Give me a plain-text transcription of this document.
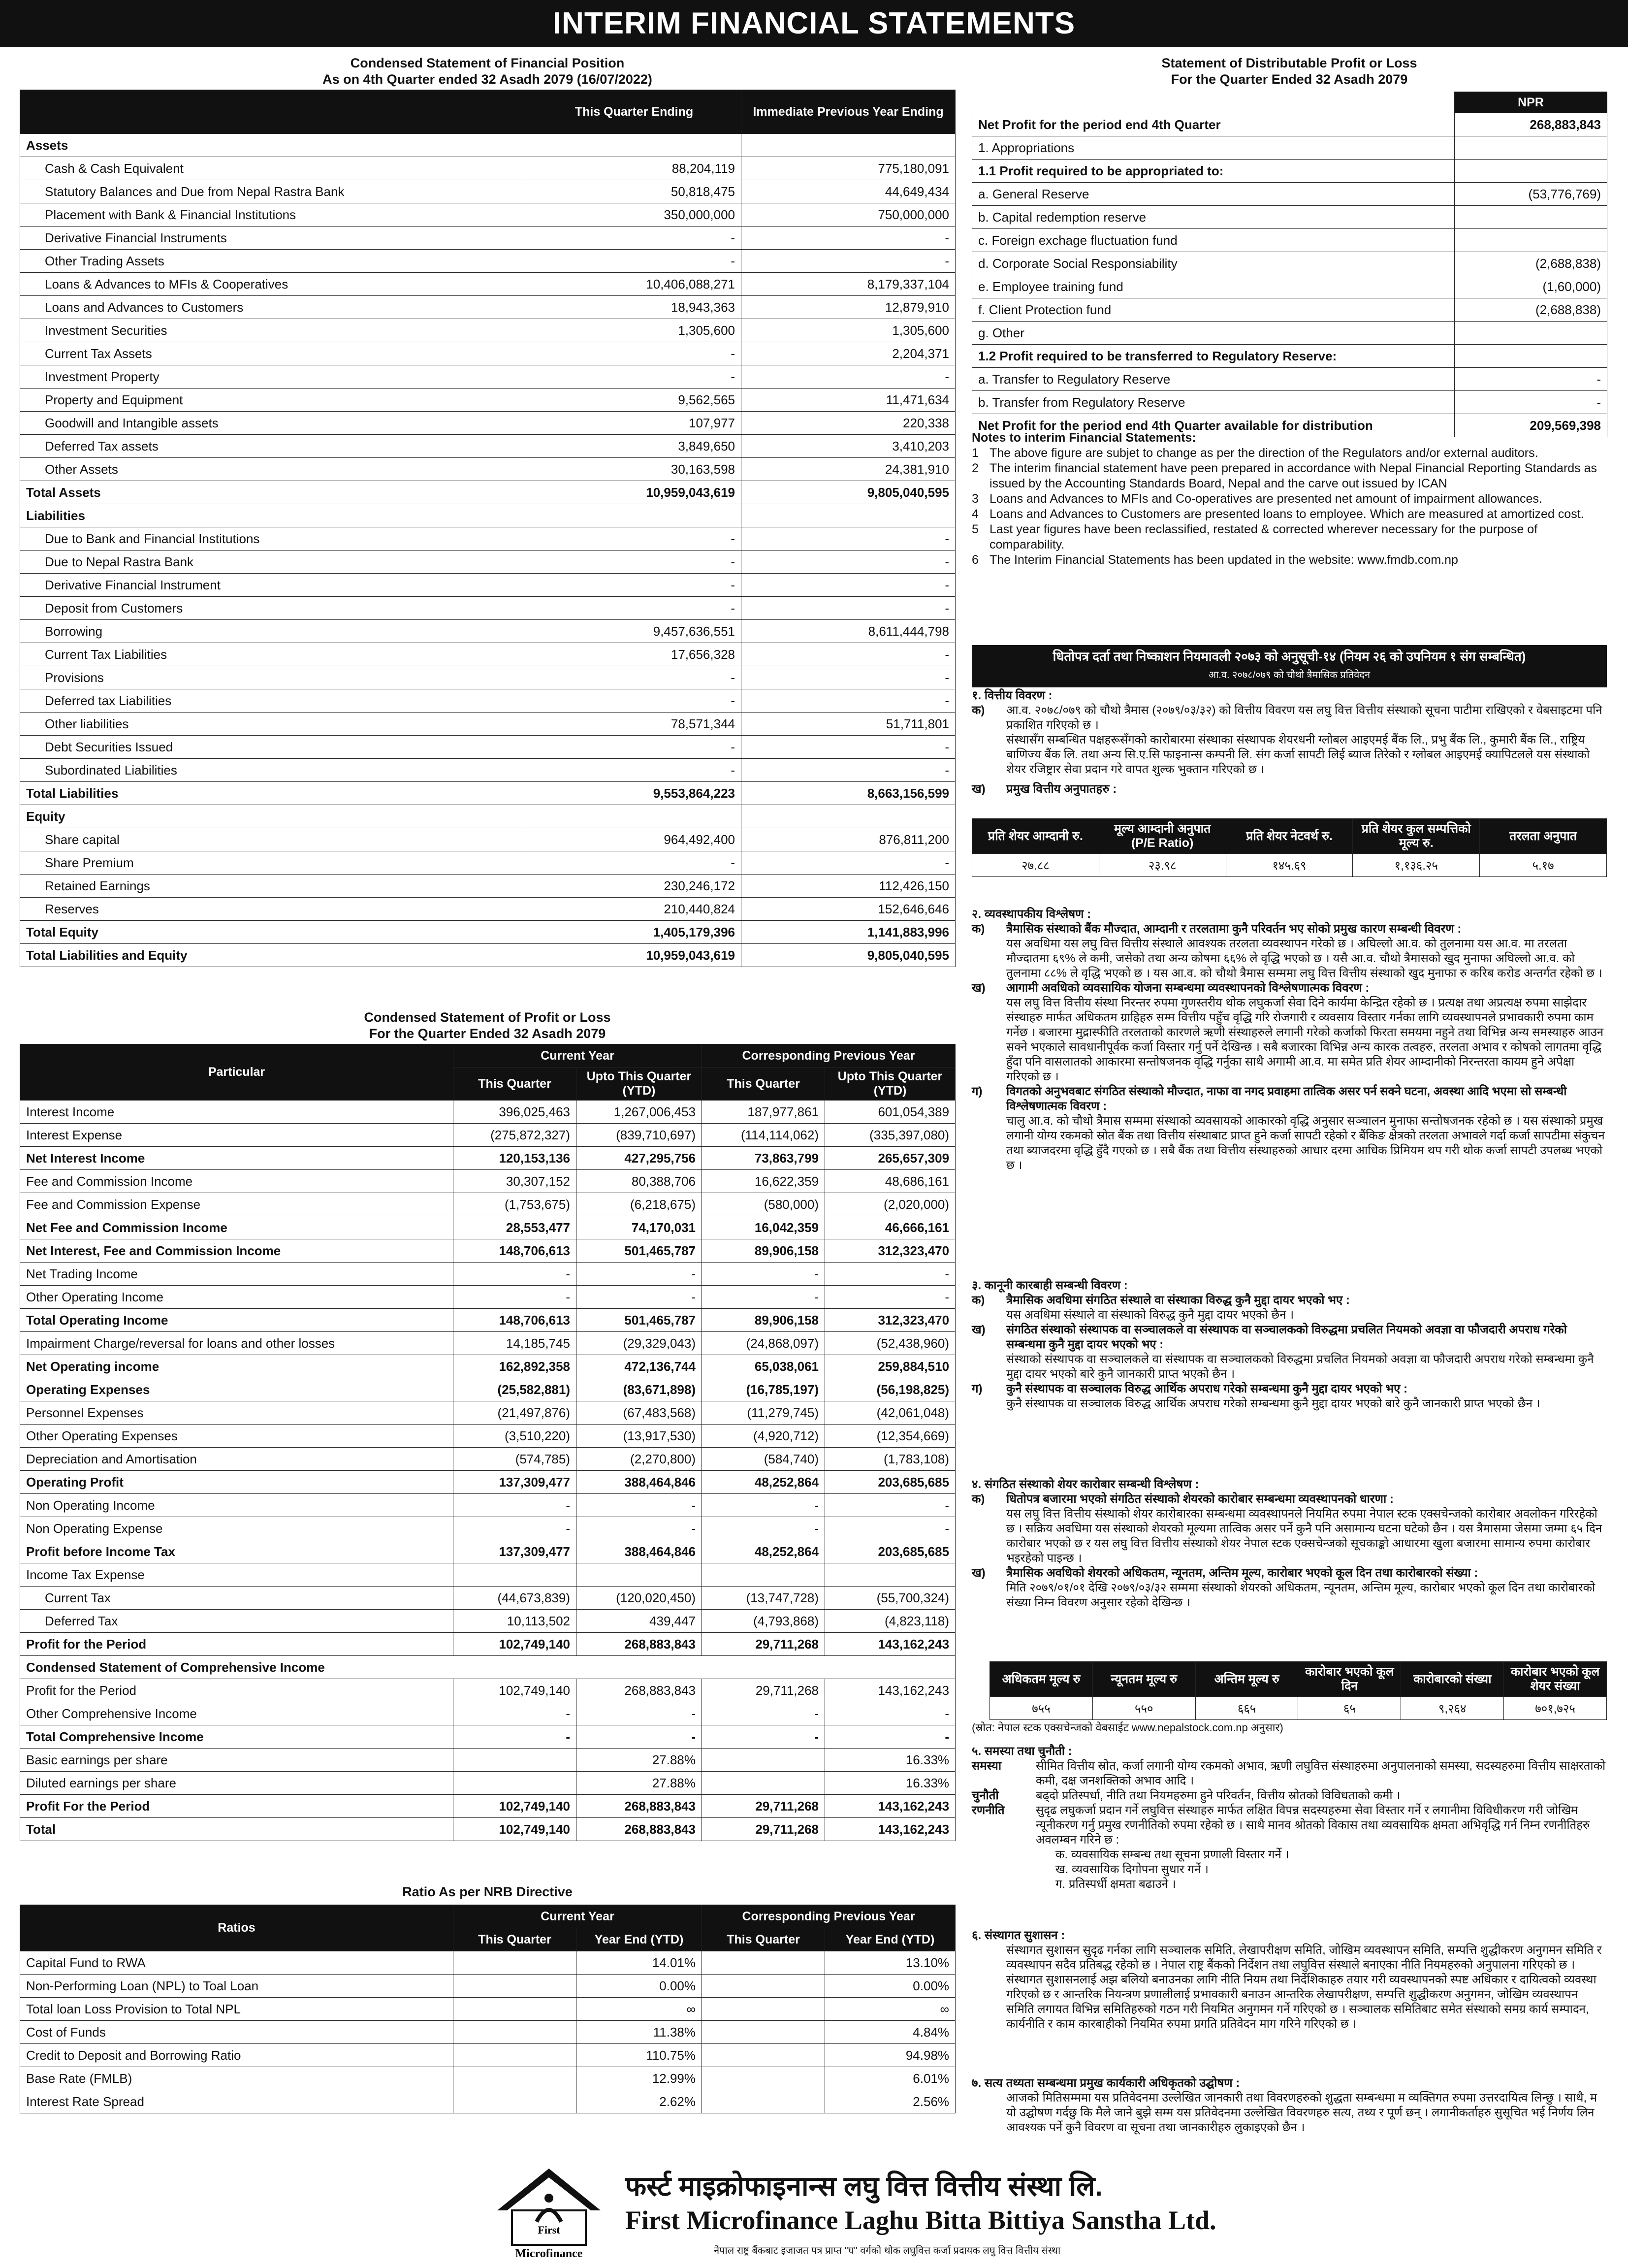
INTERIM FINANCIAL STATEMENTS
Condensed Statement of Financial Position
As on 4th Quarter ended 32 Asadh 2079 (16/07/2022)
	This Quarter Ending	Immediate Previous Year Ending
Assets		
Cash & Cash Equivalent	88,204,119	775,180,091
Statutory Balances and Due from Nepal Rastra Bank	50,818,475	44,649,434
Placement with Bank & Financial Institutions	350,000,000	750,000,000
Derivative Financial Instruments	-	-
Other Trading Assets	-	-
Loans & Advances to MFIs & Cooperatives	10,406,088,271	8,179,337,104
Loans and Advances to Customers	18,943,363	12,879,910
Investment Securities	1,305,600	1,305,600
Current Tax Assets	-	2,204,371
Investment Property	-	-
Property and Equipment	9,562,565	11,471,634
Goodwill and Intangible assets	107,977	220,338
Deferred Tax assets	3,849,650	3,410,203
Other Assets	30,163,598	24,381,910
Total Assets	10,959,043,619	9,805,040,595
Liabilities		
Due to Bank and Financial Institutions	-	-
Due to Nepal Rastra Bank	-	-
Derivative Financial Instrument	-	-
Deposit from Customers	-	-
Borrowing	9,457,636,551	8,611,444,798
Current Tax Liabilities	17,656,328	-
Provisions	-	-
Deferred tax Liabilities	-	-
Other liabilities	78,571,344	51,711,801
Debt Securities Issued	-	-
Subordinated Liabilities	-	-
Total Liabilities	9,553,864,223	8,663,156,599
Equity		
Share capital	964,492,400	876,811,200
Share Premium	-	-
Retained Earnings	230,246,172	112,426,150
Reserves	210,440,824	152,646,646
Total Equity	1,405,179,396	1,141,883,996
Total Liabilities and Equity	10,959,043,619	9,805,040,595
Condensed Statement of Profit or Loss
For the Quarter Ended 32 Asadh 2079
Particular	Current Year		Corresponding Previous Year	
	This Quarter	Upto This Quarter (YTD)	This Quarter	Upto This Quarter (YTD)
Interest Income	396,025,463	1,267,006,453	187,977,861	601,054,389
Interest Expense	(275,872,327)	(839,710,697)	(114,114,062)	(335,397,080)
Net Interest Income	120,153,136	427,295,756	73,863,799	265,657,309
Fee and Commission Income	30,307,152	80,388,706	16,622,359	48,686,161
Fee and Commission Expense	(1,753,675)	(6,218,675)	(580,000)	(2,020,000)
Net Fee and Commission Income	28,553,477	74,170,031	16,042,359	46,666,161
Net Interest, Fee and Commission Income	148,706,613	501,465,787	89,906,158	312,323,470
Net Trading Income	-	-	-	-
Other Operating Income	-	-	-	-
Total Operating Income	148,706,613	501,465,787	89,906,158	312,323,470
Impairment Charge/reversal for loans and other losses	14,185,745	(29,329,043)	(24,868,097)	(52,438,960)
Net Operating income	162,892,358	472,136,744	65,038,061	259,884,510
Operating Expenses	(25,582,881)	(83,671,898)	(16,785,197)	(56,198,825)
Personnel Expenses	(21,497,876)	(67,483,568)	(11,279,745)	(42,061,048)
Other Operating Expenses	(3,510,220)	(13,917,530)	(4,920,712)	(12,354,669)
Depreciation and Amortisation	(574,785)	(2,270,800)	(584,740)	(1,783,108)
Operating Profit	137,309,477	388,464,846	48,252,864	203,685,685
Non Operating Income	-	-	-	-
Non Operating Expense	-	-	-	-
Profit before Income Tax	137,309,477	388,464,846	48,252,864	203,685,685
Income Tax Expense				
Current Tax	(44,673,839)	(120,020,450)	(13,747,728)	(55,700,324)
Deferred Tax	10,113,502	439,447	(4,793,868)	(4,823,118)
Profit for the Period	102,749,140	268,883,843	29,711,268	143,162,243
Condensed Statement of Comprehensive Income				
Profit for the Period	102,749,140	268,883,843	29,711,268	143,162,243
Other Comprehensive Income	-	-	-	-
Total Comprehensive Income	-	-	-	-
Basic earnings per share		27.88%		16.33%
Diluted earnings per share		27.88%		16.33%
Profit For the Period	102,749,140	268,883,843	29,711,268	143,162,243
Total	102,749,140	268,883,843	29,711,268	143,162,243
Ratio As per NRB Directive
Ratios	Current Year		Corresponding Previous Year	
	This Quarter	Year End (YTD)	This Quarter	Year End (YTD)
Capital Fund to RWA		14.01%		13.10%
Non-Performing Loan (NPL) to Toal Loan		0.00%		0.00%
Total loan Loss Provision to Total NPL		∞		∞
Cost of Funds		11.38%		4.84%
Credit to Deposit and Borrowing Ratio		110.75%		94.98%
Base Rate (FMLB)		12.99%		6.01%
Interest Rate Spread		2.62%		2.56%
Statement of Distributable Profit or Loss
For the Quarter Ended 32 Asadh 2079
	NPR
Net Profit for the period end 4th Quarter	268,883,843
1. Appropriations	
1.1 Profit required to be appropriated to:	
a. General Reserve	(53,776,769)
b. Capital redemption reserve	
c. Foreign exchage fluctuation fund	
d. Corporate Social Responsiability	(2,688,838)
e. Employee training fund	(1,60,000)
f. Client Protection fund	(2,688,838)
g. Other	
1.2 Profit required to be transferred to Regulatory Reserve:	
a. Transfer to Regulatory Reserve	-
b. Transfer from Regulatory Reserve	-
Net Profit for the period end 4th Quarter available for distribution	209,569,398
Notes to interim Financial Statements:
1 The above figure are subjet to change as per the direction of the Regulators and/or external auditors.
2 The interim financial statement have peen prepared in accordance with Nepal Financial Reporting Standards as issued by the Accounting Standards Board, Nepal and the carve out issued by ICAN
3 Loans and Advances to MFIs and Co-operatives are presented net amount of impairment allowances.
4 Loans and Advances to Customers are presented loans to employee. Which are measured at amortized cost.
5 Last year figures have been reclassified, restated & corrected wherever necessary for the purpose of comparability.
6 The Interim Financial Statements has been updated in the website: www.fmdb.com.np
धितोपत्र दर्ता तथा निष्काशन नियमावली २०७३ को अनुसूची-१४ (नियम २६ को उपनियम १ संग सम्बन्धित)
आ.व. २०७८/०७९ को चौथो त्रैमासिक प्रतिवेदन
१. वित्तीय विवरण :
क)	आ.व. २०७८/०७९ को चौथो त्रैमास (२०७९/०३/३२) को वित्तीय विवरण यस लघु वित्त वित्तीय संस्थाको सूचना पाटीमा राखिएको र वेबसाइटमा पनि प्रकाशित गरिएको छ ।
संस्थासँग सम्बन्धित पक्षहरूसँगको कारोबारमा संस्थाका संस्थापक शेयरधनी ग्लोबल आइएमई बैंक लि., प्रभु बैंक लि., कुमारी बैंक लि., राष्ट्रिय बाणिज्य बैंक लि. तथा अन्य सि.ए.सि फाइनान्स कम्पनी लि. संग कर्जा सापटी लिई ब्याज तिरेको र ग्लोबल आइएमई क्यापिटलले यस संस्थाको शेयर रजिष्ट्रार सेवा प्रदान गरे वापत शुल्क भुक्तान गरिएको छ ।
ख)	प्रमुख वित्तीय अनुपातहरु :
प्रति शेयर आम्दानी रु.	मूल्य आम्दानी अनुपात (P/E Ratio)	प्रति शेयर नेटवर्थ रु.	प्रति शेयर कुल सम्पत्तिको मूल्य रु.	तरलता अनुपात
२७.८८	२३.९८	१४५.६९	१,१३६.२५	५.१७
२. व्यवस्थापकीय विश्लेषण :
क)	त्रैमासिक संस्थाको बैंक मौज्दात, आम्दानी र तरलतामा कुनै परिवर्तन भए सोको प्रमुख कारण सम्बन्धी विवरण :
यस अवधिमा यस लघु वित्त वित्तीय संस्थाले आवश्यक तरलता व्यवस्थापन गरेको छ । अघिल्लो आ.व. को तुलनामा यस आ.व. मा तरलता मौज्दातमा ६९% ले कमी, जसेको तथा अन्य कोषमा ६६% ले वृद्धि भएको छ । यसै आ.व. चौथो त्रैमासको खुद मुनाफा अघिल्लो आ.व. को तुलनामा ८८% ले वृद्धि भएको छ । यस आ.व. को चौथो त्रैमास सम्ममा लघु वित्त वित्तीय संस्थाको खुद मुनाफा रु करिब करोड अन्तर्गत रहेको छ ।
ख)	आगामी अवधिको व्यवसायिक योजना सम्बन्धमा व्यवस्थापनको विश्लेषणात्मक विवरण :
यस लघु वित्त वित्तीय संस्था निरन्तर रुपमा गुणस्तरीय थोक लघुकर्जा सेवा दिने कार्यमा केन्द्रित रहेको छ । प्रत्यक्ष तथा अप्रत्यक्ष रुपमा साझेदार संस्थाहरु मार्फत अधिकतम ग्राहिहरु सम्म वित्तीय पहुँच वृद्धि गरि रोजगारी र व्यवसाय विस्तार गर्नका लागि व्यवस्थापनले प्रभावकारी रुपमा काम गर्नेछ । बजारमा मुद्रास्फीति तरलताको कारणले ऋणी संस्थाहरुले लगानी गरेको कर्जाको फिरता समयमा नहुने तथा विभिन्न अन्य समस्याहरु आउन सक्ने भएकाले सावधानीपूर्वक कर्जा विस्तार गर्नु पर्ने देखिन्छ । सबै बजारका विभिन्न अन्य कारक तत्वहरु, तरलता अभाव र कोषको लागतमा वृद्धि हुँदा पनि वासलातको आकारमा सन्तोषजनक वृद्धि गर्नुका साथै अगामी आ.व. मा समेत प्रति शेयर आम्दानीको निरन्तरता कायम हुने अपेक्षा गरिएको छ ।
ग)	विगतको अनुभवबाट संगठित संस्थाको मौज्दात, नाफा वा नगद प्रवाहमा तात्विक असर पर्न सक्ने घटना, अवस्था आदि भएमा सो सम्बन्धी विश्लेषणात्मक विवरण :
चालु आ.व. को चौथो त्रैमास सम्ममा संस्थाको व्यवसायको आकारको वृद्धि अनुसार सञ्चालन मुनाफा सन्तोषजनक रहेको छ । यस संस्थाको प्रमुख लगानी योग्य रकमको स्रोत बैंक तथा वित्तीय संस्थाबाट प्राप्त हुने कर्जा सापटी रहेको र बैंकिङ क्षेत्रको तरलता अभावले गर्दा कर्जा सापटीमा संकुचन तथा ब्याजदरमा वृद्धि हुँदै गएको छ । सबै बैंक तथा वित्तीय संस्थाहरुको आधार दरमा आधिक प्रिमियम थप गरी थोक कर्जा सापटी उपलब्ध भएको छ ।
३. कानूनी कारबाही सम्बन्धी विवरण :
क)	त्रैमासिक अवधिमा संगठित संस्थाले वा संस्थाका विरुद्ध कुनै मुद्दा दायर भएको भए :
यस अवधिमा संस्थाले वा संस्थाको विरुद्ध कुनै मुद्दा दायर भएको छैन ।
ख)	संगठित संस्थाको संस्थापक वा सञ्चालकले वा संस्थापक वा सञ्चालकको विरुद्धमा प्रचलित नियमको अवज्ञा वा फौजदारी अपराध गरेको सम्बन्धमा कुनै मुद्दा दायर भएको भए :
संस्थाको संस्थापक वा सञ्चालकले वा संस्थापक वा सञ्चालकको विरुद्धमा प्रचलित नियमको अवज्ञा वा फौजदारी अपराध गरेको सम्बन्धमा कुनै मुद्दा दायर भएको बारे कुनै जानकारी प्राप्त भएको छैन ।
ग)	कुनै संस्थापक वा सञ्चालक विरुद्ध आर्थिक अपराध गरेको सम्बन्धमा कुनै मुद्दा दायर भएको भए :
कुनै संस्थापक वा सञ्चालक विरुद्ध आर्थिक अपराध गरेको सम्बन्धमा कुनै मुद्दा दायर भएको बारे कुनै जानकारी प्राप्त भएको छैन ।
४. संगठित संस्थाको शेयर कारोबार सम्बन्धी विश्लेषण :
क)	धितोपत्र बजारमा भएको संगठित संस्थाको शेयरको कारोबार सम्बन्धमा व्यवस्थापनको धारणा :
यस लघु वित्त वित्तीय संस्थाको शेयर कारोबारका सम्बन्धमा व्यवस्थापनले नियमित रुपमा नेपाल स्टक एक्सचेन्जको कारोबार अवलोकन गरिरहेको छ । सक्रिय अवधिमा यस संस्थाको शेयरको मूल्यमा तात्विक असर पर्ने कुनै पनि असामान्य घटना घटेको छैन । यस त्रैमासमा जेसमा जम्मा ६५ दिन कारोबार भएको छ र यस लघु वित्त वित्तीय संस्थाको शेयर नेपाल स्टक एक्सचेन्जको सूचकाङ्को आधारमा खुला बजारमा सामान्य रुपमा कारोबार भइरहेको पाइन्छ ।
ख)	त्रैमासिक अवधिको शेयरको अधिकतम, न्यूनतम, अन्तिम मूल्य, कारोबार भएको कूल दिन तथा कारोबारको संख्या :
मिति २०७९/०१/०१ देखि २०७९/०३/३२ सम्ममा संस्थाको शेयरको अधिकतम, न्यूनतम, अन्तिम मूल्य, कारोबार भएको कूल दिन तथा कारोबारको संख्या निम्न विवरण अनुसार रहेको देखिन्छ ।
अधिकतम मूल्य रु	न्यूनतम मूल्य रु	अन्तिम मूल्य रु	कारोबार भएको कूल दिन	कारोबारको संख्या	कारोबार भएको कूल शेयर संख्या
७५५	५५०	६६५	६५	९,२६४	७०१,७२५
(स्रोत: नेपाल स्टक एक्सचेन्जको वेबसाईट www.nepalstock.com.np अनुसार)
५. समस्या तथा चुनौती :
समस्या	सीमित वित्तीय स्रोत, कर्जा लगानी योग्य रकमको अभाव, ऋणी लघुवित्त संस्थाहरुमा अनुपालनाको समस्या, सदस्यहरुमा वित्तीय साक्षरताको कमी, दक्ष जनशक्तिको अभाव आदि ।
चुनौती	बढ्दो प्रतिस्पर्धा, नीति तथा नियमहरुमा हुने परिवर्तन, वित्तीय स्रोतको विविधताको कमी ।
रणनीति	सुदृढ लघुकर्जा प्रदान गर्ने लघुवित्त संस्थाहरु मार्फत लक्षित विपन्न सदस्यहरुमा सेवा विस्तार गर्ने र लगानीमा विविधीकरण गरी जोखिम न्यूनीकरण गर्नु प्रमुख रणनीतिको रुपमा रहेको छ । साथै मानव श्रोतको विकास तथा व्यवसायिक क्षमता अभिवृद्धि गर्न निम्न रणनीतिहरु अवलम्बन गरिने छ :
क. व्यवसायिक सम्बन्ध तथा सूचना प्रणाली विस्तार गर्ने ।
ख. व्यवसायिक दिगोपना सुधार गर्ने ।
ग. प्रतिस्पर्धी क्षमता बढाउने ।
६. संस्थागत सुशासन :
संस्थागत सुशासन सुदृढ गर्नका लागि सञ्चालक समिति, लेखापरीक्षण समिति, जोखिम व्यवस्थापन समिति, सम्पत्ति शुद्धीकरण अनुगमन समिति र व्यवस्थापन सदैव प्रतिबद्ध रहेको छ । नेपाल राष्ट्र बैंकको निर्देशन तथा लघुवित्त संस्थाले बनाएका नीति नियमहरुको अनुपालना गरिएको छ । संस्थागत सुशासनलाई अझ बलियो बनाउनका लागि नीति नियम तथा निर्देशिकाहरु तयार गरी व्यवस्थापनको स्पष्ट अधिकार र दायित्वको व्यवस्था गरिएको छ र आन्तरिक नियन्त्रण प्रणालीलाई प्रभावकारी बनाउन आन्तरिक लेखापरीक्षण, सम्पत्ति शुद्धीकरण अनुगमन, जोखिम व्यवस्थापन समिति लगायत विभिन्न समितिहरुको गठन गरी नियमित अनुगमन गर्ने गरिएको छ । सञ्चालक समितिबाट समेत संस्थाको समग्र कार्य सम्पादन, कार्यनीति र काम कारबाहीको नियमित रुपमा प्रगति प्रतिवेदन माग गरिने गरिएको छ ।
७. सत्य तथ्यता सम्बन्धमा प्रमुख कार्यकारी अधिकृतको उद्घोषण :
आजको मितिसम्ममा यस प्रतिवेदनमा उल्लेखित जानकारी तथा विवरणहरुको शुद्धता सम्बन्धमा म व्यक्तिगत रुपमा उत्तरदायित्व लिन्छु । साथै, म यो उद्घोषण गर्दछु कि मैले जाने बुझे सम्म यस प्रतिवेदनमा उल्लेखित विवरणहरु सत्य, तथ्य र पूर्ण छन् । लगानीकर्ताहरु सुसूचित भई निर्णय लिन आवश्यक पर्ने कुनै विवरण वा सूचना तथा जानकारीहरु लुकाइएको छैन ।
First
Microfinance
फर्स्ट माइक्रोफाइनान्स लघु वित्त वित्तीय संस्था लि.
First Microfinance Laghu Bitta Bittiya Sanstha Ltd.
नेपाल राष्ट्र बैंकबाट इजाजत पत्र प्राप्त "घ" वर्गको थोक लघुवित्त कर्जा प्रदायक लघु वित्त वित्तीय संस्था
